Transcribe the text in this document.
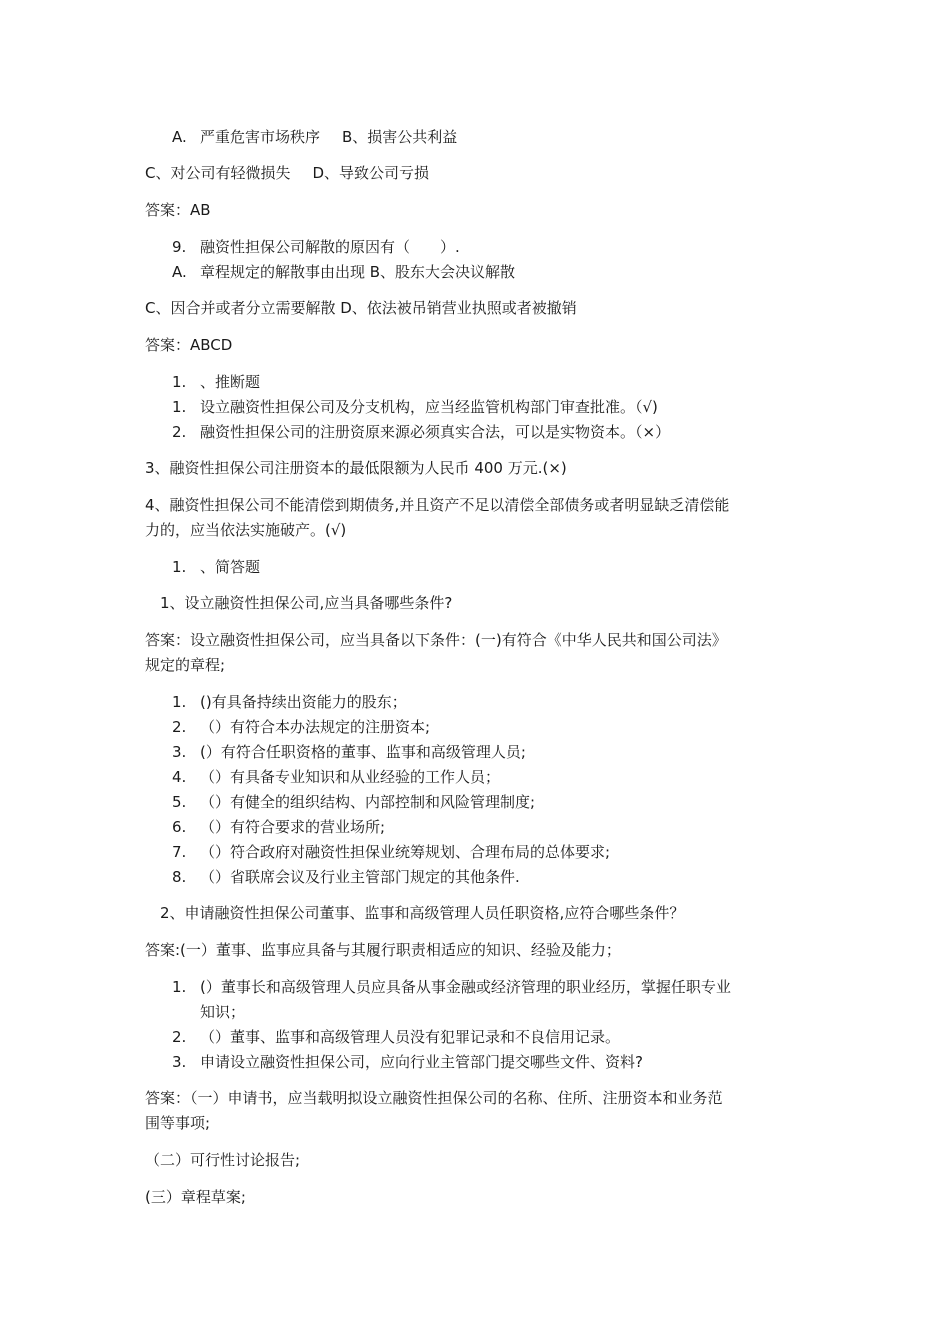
A. 严重危害市场秩序 B、损害公共利益
C、对公司有轻微损失 D、导致公司亏损
答案：AB
9. 融资性担保公司解散的原因有（　　）.
A. 章程规定的解散事由出现 B、股东大会决议解散
C、因合并或者分立需要解散 D、依法被吊销营业执照或者被撤销
答案：ABCD
1. 、推断题
1. 设立融资性担保公司及分支机构，应当经监管机构部门审查批准。（√)
2. 融资性担保公司的注册资原来源必须真实合法，可以是实物资本。（×）
3、融资性担保公司注册资本的最低限额为人民币 400 万元.(×)
4、融资性担保公司不能清偿到期债务,并且资产不足以清偿全部债务或者明显缺乏清偿能
力的，应当依法实施破产。(√)
1. 、简答题
1、设立融资性担保公司,应当具备哪些条件?
答案：设立融资性担保公司，应当具备以下条件：(一)有符合《中华人民共和国公司法》
规定的章程;
1. ()有具备持续出资能力的股东；
2. （）有符合本办法规定的注册资本;
3. (）有符合任职资格的董事、监事和高级管理人员;
4. （）有具备专业知识和从业经验的工作人员；
5. （）有健全的组织结构、内部控制和风险管理制度;
6. （）有符合要求的营业场所;
7. （）符合政府对融资性担保业统筹规划、合理布局的总体要求;
8. （）省联席会议及行业主管部门规定的其他条件.
2、申请融资性担保公司董事、监事和高级管理人员任职资格,应符合哪些条件？
答案:(一）董事、监事应具备与其履行职责相适应的知识、经验及能力；
1. (）董事长和高级管理人员应具备从事金融或经济管理的职业经历，掌握任职专业
知识；
2. （）董事、监事和高级管理人员没有犯罪记录和不良信用记录。
3. 申请设立融资性担保公司，应向行业主管部门提交哪些文件、资料?
答案：（一）申请书，应当载明拟设立融资性担保公司的名称、住所、注册资本和业务范
围等事项;
（二）可行性讨论报告;
(三）章程草案;
